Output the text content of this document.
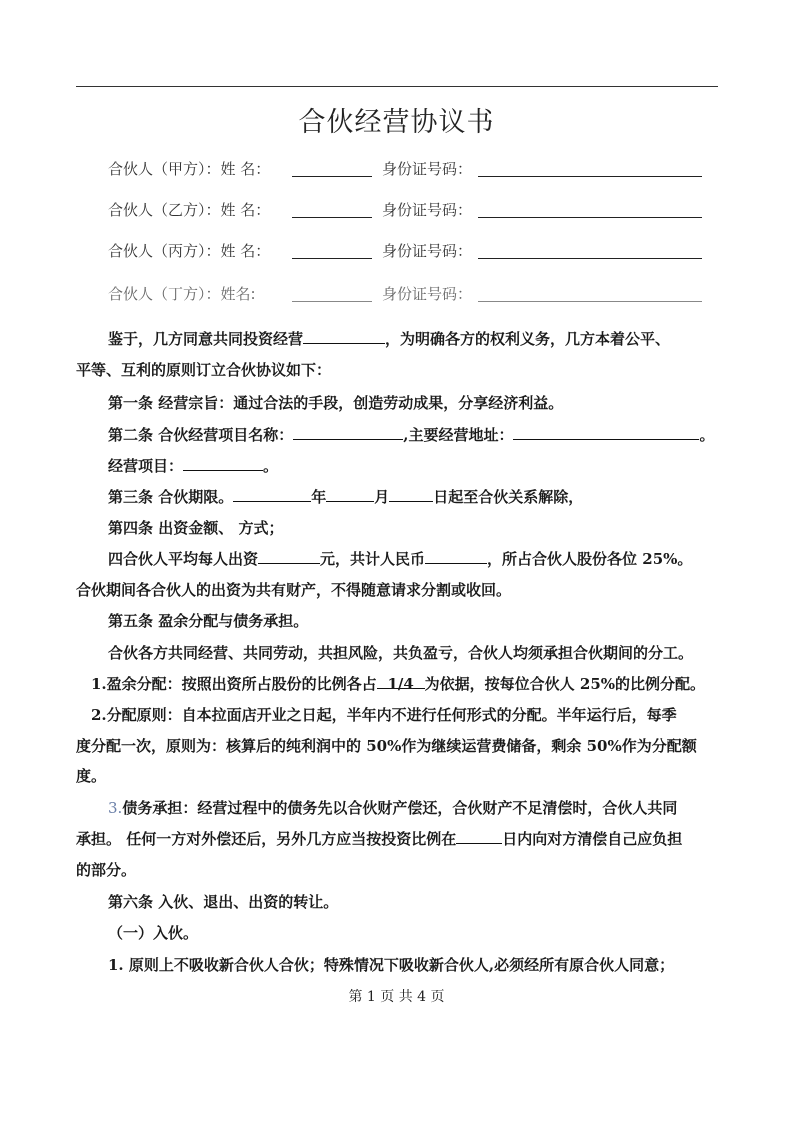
合伙经营协议书
合伙人（甲方）：姓 名：	身份证号码：
合伙人（乙方）：姓 名：	身份证号码：
合伙人（丙方）：姓 名：	身份证号码：
合伙人（丁方）：姓名:	身份证号码：
鉴于，几方同意共同投资经营	，为明确各方的权利义务，几方本着公平、
平等、互利的原则订立合伙协议如下：
第一条 经营宗旨：通过合法的手段，创造劳动成果，分享经济利益。
第二条 合伙经营项目名称：	,主要经营地址：	。
经营项目：	。
第三条 合伙期限。	年	月	日起至合伙关系解除，
第四条 出资金额、 方式；
四合伙人平均每人出资	元，共计人民币	，所占合伙人股份各位 25%。
合伙期间各合伙人的出资为共有财产，不得随意请求分割或收回。
第五条 盈余分配与债务承担。
合伙各方共同经营、共同劳动，共担风险，共负盈亏，合伙人均须承担合伙期间的分工。
1.盈余分配：按照出资所占股份的比例各占 1/4 为依据，按每位合伙人 25%的比例分配。
2.分配原则：自本拉面店开业之日起，半年内不进行任何形式的分配。半年运行后，每季
度分配一次，原则为：核算后的纯利润中的 50%作为继续运营费储备，剩余 50%作为分配额
度。
3.债务承担：经营过程中的债务先以合伙财产偿还，合伙财产不足清偿时，合伙人共同
承担。 任何一方对外偿还后，另外几方应当按投资比例在	日内向对方清偿自己应负担
的部分。
第六条 入伙、退出、出资的转让。
（一）入伙。
1. 原则上不吸收新合伙人合伙；特殊情况下吸收新合伙人,必须经所有原合伙人同意；
第 1 页 共 4 页
